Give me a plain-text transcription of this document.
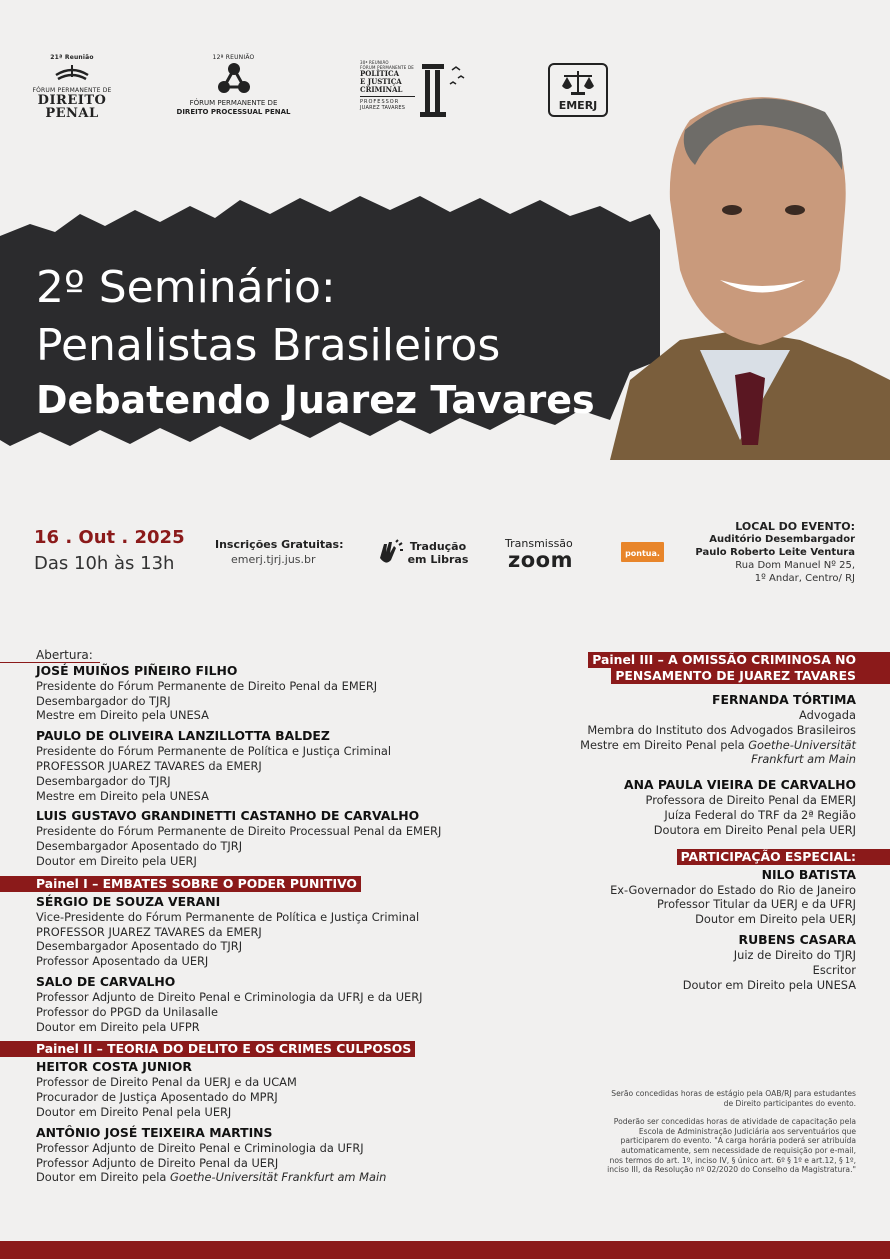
2º Seminário:
Penalistas Brasileiros
Debatendo Juarez Tavares
21ª Reunião
FÓRUM PERMANENTE DE
DIREITO
PENAL
12ª REUNIÃO
FÓRUM PERMANENTE DE
DIREITO PROCESSUAL PENAL
30ª REUNIÃO
FÓRUM PERMANENTE DE
POLÍTICA
E JUSTIÇA
CRIMINAL
PROFESSOR
JUAREZ TAVARES	EMERJ
16 . Out . 2025
Das 10h às 13h
Inscrições Gratuitas:
emerj.tjrj.jus.br
Tradução
em Libras
Transmissão
zoom	pontua.
LOCAL DO EVENTO:
Auditório Desembargador
Paulo Roberto Leite Ventura
Rua Dom Manuel Nº 25,
1º Andar, Centro/ RJ
Abertura:
JOSÉ MUIÑOS PIÑEIRO FILHO
Presidente do Fórum Permanente de Direito Penal da EMERJ
Desembargador do TJRJ
Mestre em Direito pela UNESA
PAULO DE OLIVEIRA LANZILLOTTA BALDEZ
Presidente do Fórum Permanente de Política e Justiça Criminal
PROFESSOR JUAREZ TAVARES da EMERJ
Desembargador do TJRJ
Mestre em Direito pela UNESA
LUIS GUSTAVO GRANDINETTI CASTANHO DE CARVALHO
Presidente do Fórum Permanente de Direito Processual Penal da EMERJ
Desembargador Aposentado do TJRJ
Doutor em Direito pela UERJ
Painel I – EMBATES SOBRE O PODER PUNITIVO
SÉRGIO DE SOUZA VERANI
Vice-Presidente do Fórum Permanente de Política e Justiça Criminal
PROFESSOR JUAREZ TAVARES da EMERJ
Desembargador Aposentado do TJRJ
Professor Aposentado da UERJ
SALO DE CARVALHO
Professor Adjunto de Direito Penal e Criminologia da UFRJ e da UERJ
Professor do PPGD da Unilasalle
Doutor em Direito pela UFPR
Painel II – TEORIA DO DELITO E OS CRIMES CULPOSOS
HEITOR COSTA JUNIOR
Professor de Direito Penal da UERJ e da UCAM
Procurador de Justiça Aposentado do MPRJ
Doutor em Direito Penal pela UERJ
ANTÔNIO JOSÉ TEIXEIRA MARTINS
Professor Adjunto de Direito Penal e Criminologia da UFRJ
Professor Adjunto de Direito Penal da UERJ
Doutor em Direito pela Goethe-Universität Frankfurt am Main
Painel III – A OMISSÃO CRIMINOSA NO
PENSAMENTO DE JUAREZ TAVARES
FERNANDA TÓRTIMA
Advogada
Membra do Instituto dos Advogados Brasileiros
Mestre em Direito Penal pela Goethe-Universität
Frankfurt am Main
ANA PAULA VIEIRA DE CARVALHO
Professora de Direito Penal da EMERJ
Juíza Federal do TRF da 2ª Região
Doutora em Direito Penal pela UERJ
PARTICIPAÇÃO ESPECIAL:
NILO BATISTA
Ex-Governador do Estado do Rio de Janeiro
Professor Titular da UERJ e da UFRJ
Doutor em Direito pela UERJ
RUBENS CASARA
Juiz de Direito do TJRJ
Escritor
Doutor em Direito pela UNESA
Serão concedidas horas de estágio pela OAB/RJ para estudantes de Direito participantes do evento.
Poderão ser concedidas horas de atividade de capacitação pela Escola de Administração Judiciária aos serventuários que participarem do evento. "A carga horária poderá ser atribuída automaticamente, sem necessidade de requisição por e-mail, nos termos do art. 1º, inciso IV, § único art. 6º § 1º e art.12, § 1º, inciso III, da Resolução nº 02/2020 do Conselho da Magistratura."
